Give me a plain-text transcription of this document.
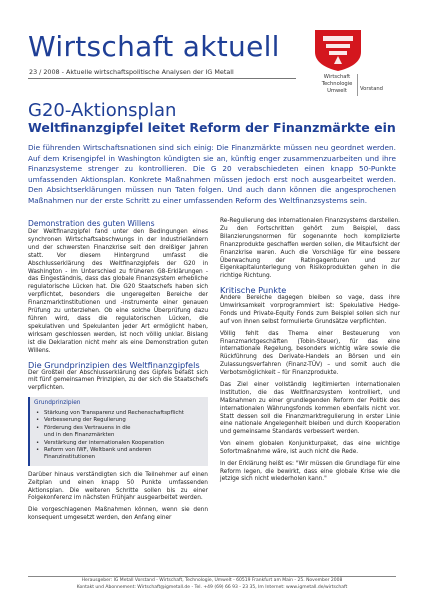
Wirtschaft aktuell
23 / 2008 - Aktuelle wirtschaftspolitische Analysen der IG Metall
Wirtschaft
Technologie
Umwelt	Vorstand
G20-Aktionsplan
Weltfinanzgipfel leitet Reform der Finanzmärkte ein
Die führenden Wirtschaftsnationen sind sich einig: Die Finanzmärkte müssen neu geordnet werden. Auf dem Krisengipfel in Washington kündigten sie an, künftig enger zusammenzuarbeiten und ihre Finanzsysteme strenger zu kontrollieren. Die G 20 verabschiedeten einen knapp 50-Punkte umfassenden Aktionsplan. Konkrete Maßnahmen müssen jedoch erst noch ausgearbeitet werden. Den Absichtserklärungen müssen nun Taten folgen. Und auch dann können die angesprochenen Maßnahmen nur der erste Schritt zu einer umfassenden Reform des Weltfinanzsystems sein.
Demonstration des guten Willens

Der Weltfinanzgipfel fand unter den Bedingungen eines synchronen Wirtschaftsabschwungs in der Industrieländern und der schwersten Finanzkrise seit den dreißiger Jahren statt. Vor diesem Hintergrund umfasst die Abschlusserklärung des Weltfinanzgipfels der G20 in Washington - im Unterschied zu früheren G8-Erklärungen - das Eingeständnis, dass das globale Finanzsystem erhebliche regulatorische Lücken hat. Die G20 Staatschefs haben sich verpflichtet, besonders die ungeregelten Bereiche der Finanzmarktinstitutionen und -instrumente einer genauen Prüfung zu unterziehen. Ob eine solche Überprüfung dazu führen wird, dass die regulatorischen Lücken, die spekulativen und Spekulanten jeder Art ermöglicht haben, wirksam geschlossen werden, ist noch völlig unklar. Bislang ist die Deklaration nicht mehr als eine Demonstration guten Willens.

Die Grundprinzipien des Weltfinanzgipfels

Der Großteil der Abschlusserklärung des Gipfels befaßt sich mit fünf gemeinsamen Prinzipien, zu der sich die Staatschefs verpflichten.

Grundprinzipien
• Stärkung von Transparenz und Rechenschaftspflicht
• Verbesserung der Regulierung
• Förderung des Vertrauens in die
und in den Finanzmärkten
• Verstärkung der internationalen Kooperation
• Reform von IWF, Weltbank und anderen Finanzinstitutionen

Darüber hinaus verständigten sich die Teilnehmer auf einen Zeitplan und einen knapp 50 Punkte umfassenden Aktionsplan. Die weiteren Schritte sollen bis zu einer Folgekonferenz im nächsten Frühjahr ausgearbeitet werden.

Die vorgeschlagenen Maßnahmen können, wenn sie denn konsequent umgesetzt werden, den Anfang einer

Re-Regulierung des internationalen Finanzsystems darstellen. Zu den Fortschritten gehört zum Beispiel, dass Bilanzierungsnormen für sogenannte hoch komplizierte Finanzprodukte geschaffen werden sollen, die Mitaufsicht der Finanzkrise waren. Auch die Vorschläge für eine bessere Überwachung der Ratingagenturen und zur Eigenkapitalunterlegung von Risikoprodukten gehen in die richtige Richtung.

Kritische Punkte

Andere Bereiche dagegen bleiben so vage, dass ihre Umwirksamkeit vorprogrammiert ist: Spekulative Hedge-Fonds und Private-Equity Fonds zum Beispiel sollen sich nur auf von ihnen selbst formulierte Grundsätze verpflichten.

Völlig fehlt das Thema einer Besteuerung von Finanzmarktgeschäften (Tobin-Steuer), für das eine internationale Regelung, besonders wichtig wäre sowie die Rückführung des Derivate-Handels an Börsen und ein Zulassungsverfahren (Finanz-TÜV) – und somit auch die Verbotsmöglichkeit – für Finanzprodukte.

Das Ziel einer vollständig legitimierten internationalen Institution, die das Weltfinanzsystem kontrolliert, und Maßnahmen zu einer grundlegenden Reform der Politik des internationalen Währungsfonds kommen ebenfalls nicht vor. Statt dessen soll die Finanzmarktregulierung in erster Linie eine nationale Angelegenheit bleiben und durch Kooperation und gemeinsame Standards verbessert werden.

Von einem globalen Konjunkturpaket, das eine wichtige Sofortmaßnahme wäre, ist auch nicht die Rede.

In der Erklärung heißt es: "Wir müssen die Grundlage für eine Reform legen, die bewirkt, dass eine globale Krise wie die jetzige sich nicht wiederholen kann."

Herausgeber: IG Metall Vorstand - Wirtschaft, Technologie, Umwelt - 60519 Frankfurt am Main - 25. November 2008
Kontakt und Abonnement: Wirtschaft@igmetall.de - Tel. +49 (69) 66 93 - 23 35, Im Internet: www.igmetall.de/wirtschaft
